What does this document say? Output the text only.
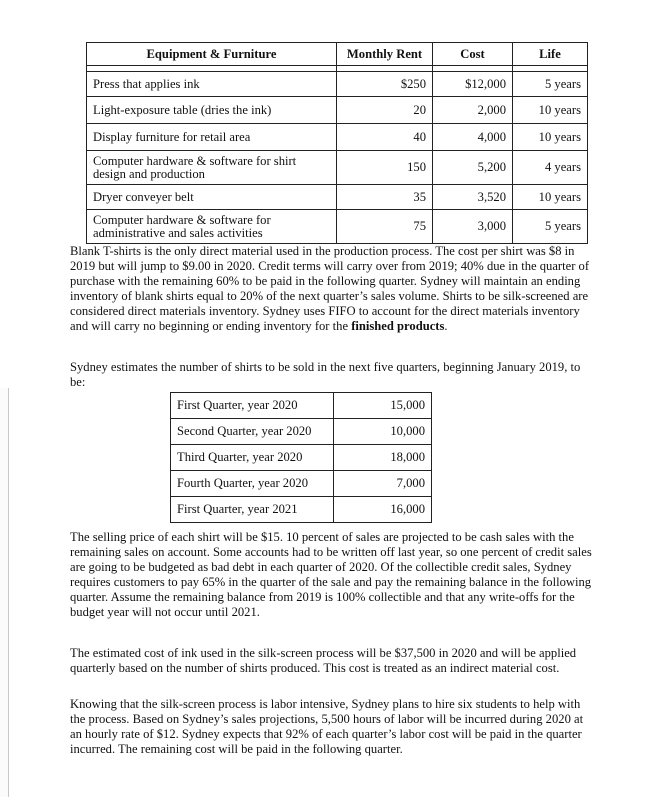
Equipment & Furniture	Monthly Rent	Cost	Life

Press that applies ink	$250	$12,000	5 years
Light-exposure table (dries the ink)	20	2,000	10 years
Display furniture for retail area	40	4,000	10 years
Computer hardware & software for shirt design and production	150	5,200	4 years
Dryer conveyer belt	35	3,520	10 years
Computer hardware & software for administrative and sales activities	75	3,000	5 years

Blank T-shirts is the only direct material used in the production process. The cost per shirt was $8 in 2019 but will jump to $9.00 in 2020. Credit terms will carry over from 2019; 40% due in the quarter of purchase with the remaining 60% to be paid in the following quarter. Sydney will maintain an ending inventory of blank shirts equal to 20% of the next quarter’s sales volume. Shirts to be silk-screened are considered direct materials inventory. Sydney uses FIFO to account for the direct materials inventory and will carry no beginning or ending inventory for the finished products.

Sydney estimates the number of shirts to be sold in the next five quarters, beginning January 2019, to be:

First Quarter, year 2020	15,000
Second Quarter, year 2020	10,000
Third Quarter, year 2020	18,000
Fourth Quarter, year 2020	7,000
First Quarter, year 2021	16,000

The selling price of each shirt will be $15. 10 percent of sales are projected to be cash sales with the remaining sales on account. Some accounts had to be written off last year, so one percent of credit sales are going to be budgeted as bad debt in each quarter of 2020. Of the collectible credit sales, Sydney requires customers to pay 65% in the quarter of the sale and pay the remaining balance in the following quarter. Assume the remaining balance from 2019 is 100% collectible and that any write-offs for the budget year will not occur until 2021.

The estimated cost of ink used in the silk-screen process will be $37,500 in 2020 and will be applied quarterly based on the number of shirts produced. This cost is treated as an indirect material cost.

Knowing that the silk-screen process is labor intensive, Sydney plans to hire six students to help with the process. Based on Sydney’s sales projections, 5,500 hours of labor will be incurred during 2020 at an hourly rate of $12. Sydney expects that 92% of each quarter’s labor cost will be paid in the quarter incurred. The remaining cost will be paid in the following quarter.
